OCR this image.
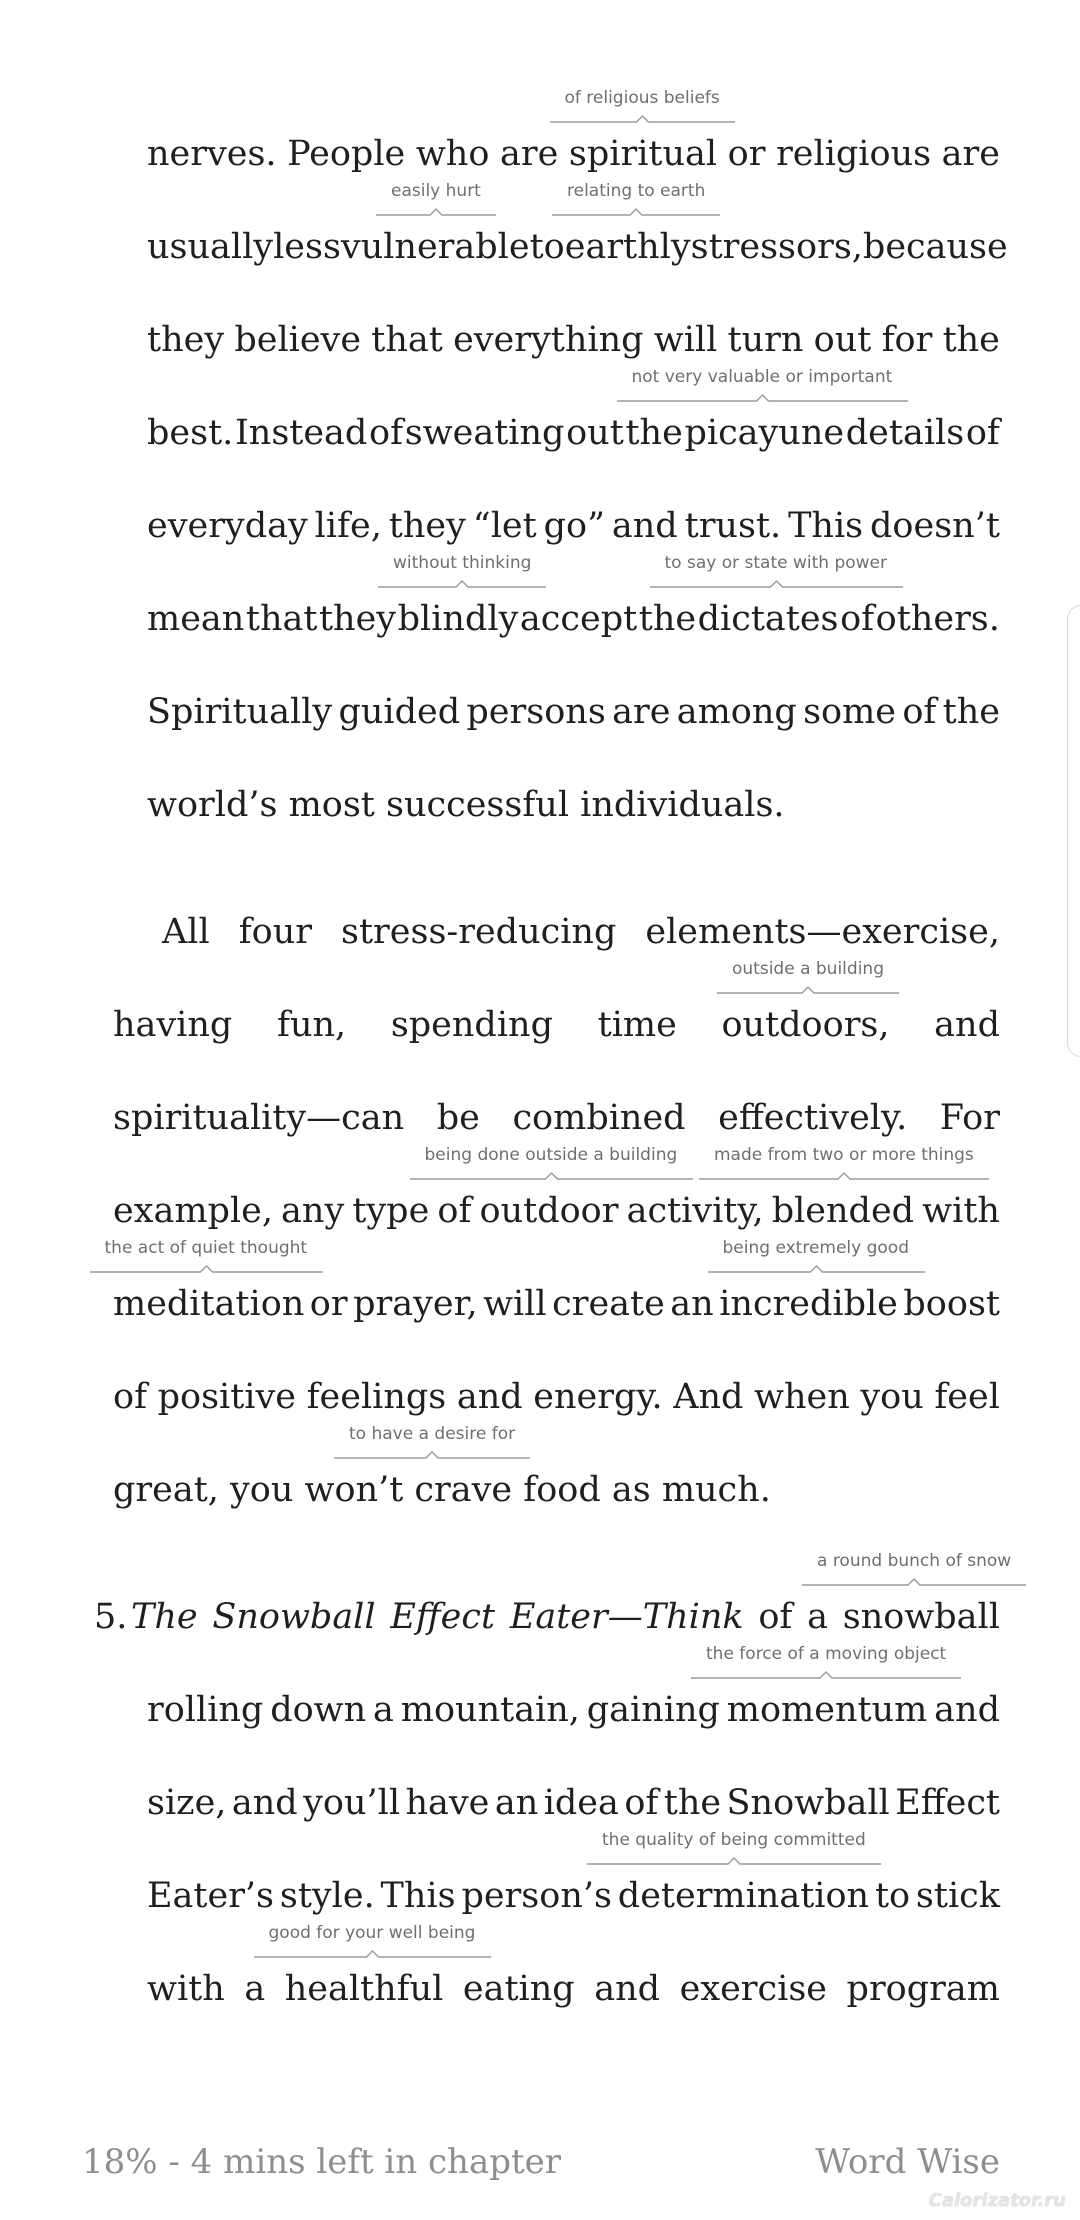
nerves. People who are spiritual or religious are
usually less vulnerable to earthly stressors, because
they believe that everything will turn out for the
best. Instead of sweating out the picayune details of
everyday life, they “let go” and trust. This doesn’t
mean that they blindly accept the dictates of others.
Spiritually guided persons are among some of the
world’s most successful individuals.
All four stress-reducing elements—exercise,
having fun, spending time outdoors, and
spirituality—can be combined effectively. For
example, any type of outdoor activity, blended with
meditation or prayer, will create an incredible boost
of positive feelings and energy. And when you feel
great, you won’t crave food as much.
5. The Snowball Effect Eater—Think of a snowball
rolling down a mountain, gaining momentum and
size, and you’ll have an idea of the Snowball Effect
Eater’s style. This person’s determination to stick
with a healthful eating and exercise program
of religious beliefs
easily hurt	relating to earth
not very valuable or important
without thinking	to say or state with power
outside a building
being done outside a building made from two or more things
the act of quiet thought	being extremely good
to have a desire for
a round bunch of snow
the force of a moving object
the quality of being committed
good for your well being
18% - 4 mins left in chapter	Word Wise
Calorizator.ru
